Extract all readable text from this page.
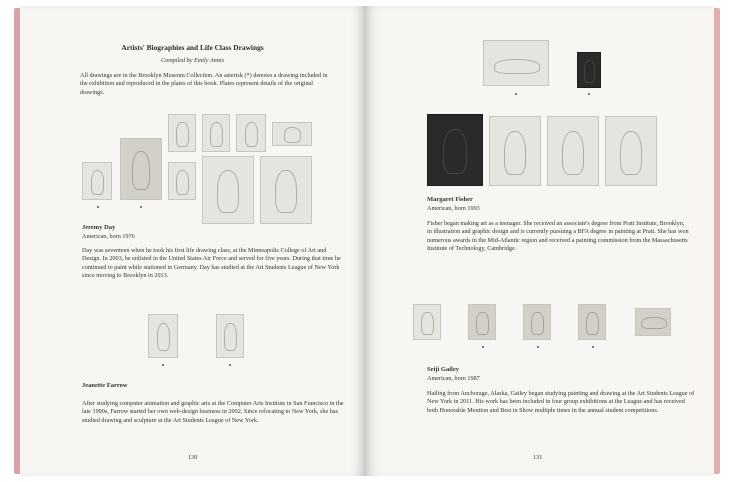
Artists' Biographies and Life Class Drawings
Compiled by Emily Annis
All drawings are in the Brooklyn Museum Collection. An asterisk (*) denotes a drawing included in the exhibition and reproduced in the plates of this book. Plates represent details of the original drawings.
Jeremy Day
American, born 1976
Day was seventeen when he took his first life drawing class, at the Minneapolis College of Art and Design. In 2003, he enlisted in the United States Air Force and served for five years. During that time he continued to paint while stationed in Germany. Day has studied at the Art Students League of New York since moving to Brooklyn in 2013.
Jeanette Farrow
After studying computer animation and graphic arts at the Computer Arts Institute in San Francisco in the late 1990s, Farrow started her own web-design business in 2002. Since relocating to New York, she has studied drawing and sculpture at the Art Students League of New York.
130
Margaret Fisher
American, born 1993
Fisher began making art as a teenager. She received an associate's degree from Pratt Institute, Brooklyn, in illustration and graphic design and is currently pursuing a BFA degree in painting at Pratt. She has won numerous awards in the Mid-Atlantic region and received a painting commission from the Massachusetts Institute of Technology, Cambridge.
Seiji Gailey
American, born 1987
Hailing from Anchorage, Alaska, Gailey began studying painting and drawing at the Art Students League of New York in 2011. His work has been included in four group exhibitions at the League and has received both Honorable Mention and Best in Show multiple times in the annual student competitions.
131
